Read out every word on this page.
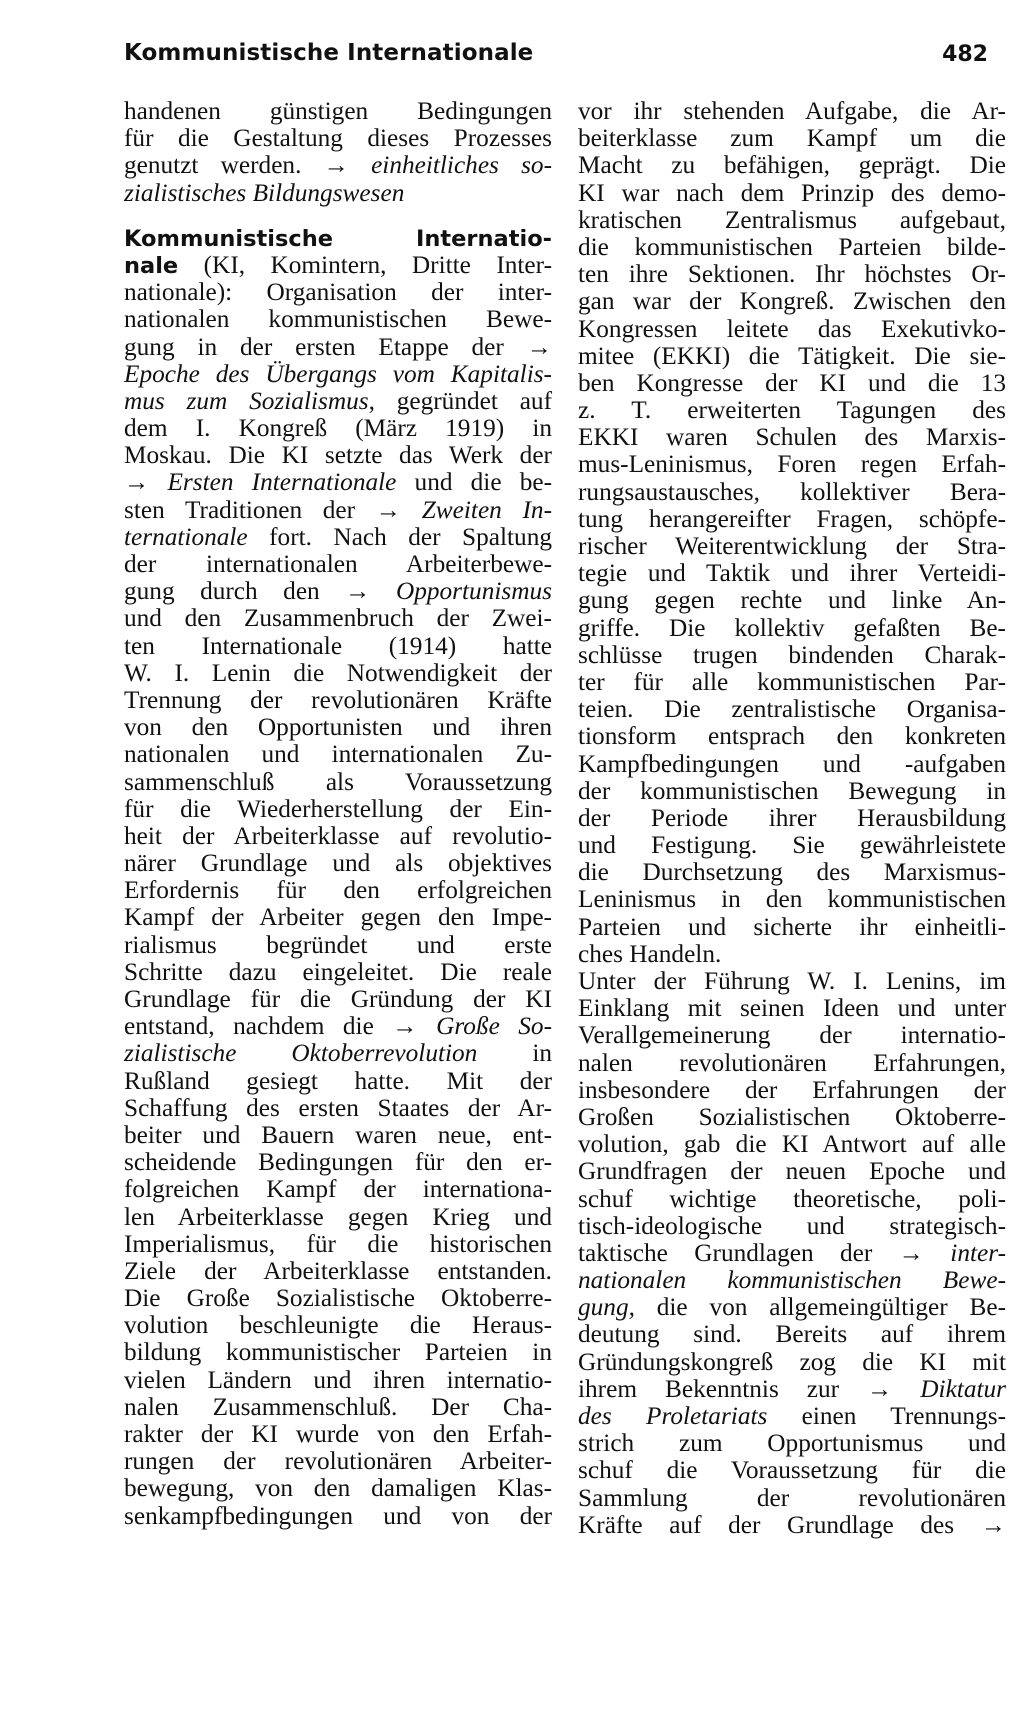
Kommunistische Internationale	482
handenen günstigen Bedingungen
für die Gestaltung dieses Prozesses
genutzt werden. → einheitliches so-
zialistisches Bildungswesen
Kommunistische Internatio-
nale (KI, Komintern, Dritte Inter-
nationale): Organisation der inter-
nationalen kommunistischen Bewe-
gung in der ersten Etappe der →
Epoche des Übergangs vom Kapitalis-
mus zum Sozialismus, gegründet auf
dem I. Kongreß (März 1919) in
Moskau. Die KI setzte das Werk der
→ Ersten Internationale und die be-
sten Traditionen der → Zweiten In-
ternationale fort. Nach der Spaltung
der internationalen Arbeiterbewe-
gung durch den → Opportunismus
und den Zusammenbruch der Zwei-
ten Internationale (1914) hatte
W. I. Lenin die Notwendigkeit der
Trennung der revolutionären Kräfte
von den Opportunisten und ihren
nationalen und internationalen Zu-
sammenschluß als Voraussetzung
für die Wiederherstellung der Ein-
heit der Arbeiterklasse auf revolutio-
närer Grundlage und als objektives
Erfordernis für den erfolgreichen
Kampf der Arbeiter gegen den Impe-
rialismus begründet und erste
Schritte dazu eingeleitet. Die reale
Grundlage für die Gründung der KI
entstand, nachdem die → Große So-
zialistische Oktoberrevolution in
Rußland gesiegt hatte. Mit der
Schaffung des ersten Staates der Ar-
beiter und Bauern waren neue, ent-
scheidende Bedingungen für den er-
folgreichen Kampf der internationa-
len Arbeiterklasse gegen Krieg und
Imperialismus, für die historischen
Ziele der Arbeiterklasse entstanden.
Die Große Sozialistische Oktoberre-
volution beschleunigte die Heraus-
bildung kommunistischer Parteien in
vielen Ländern und ihren internatio-
nalen Zusammenschluß. Der Cha-
rakter der KI wurde von den Erfah-
rungen der revolutionären Arbeiter-
bewegung, von den damaligen Klas-
senkampfbedingungen und von der
vor ihr stehenden Aufgabe, die Ar-
beiterklasse zum Kampf um die
Macht zu befähigen, geprägt. Die
KI war nach dem Prinzip des demo-
kratischen Zentralismus aufgebaut,
die kommunistischen Parteien bilde-
ten ihre Sektionen. Ihr höchstes Or-
gan war der Kongreß. Zwischen den
Kongressen leitete das Exekutivko-
mitee (EKKI) die Tätigkeit. Die sie-
ben Kongresse der KI und die 13
z. T. erweiterten Tagungen des
EKKI waren Schulen des Marxis-
mus-Leninismus, Foren regen Erfah-
rungsaustausches, kollektiver Bera-
tung herangereifter Fragen, schöpfe-
rischer Weiterentwicklung der Stra-
tegie und Taktik und ihrer Verteidi-
gung gegen rechte und linke An-
griffe. Die kollektiv gefaßten Be-
schlüsse trugen bindenden Charak-
ter für alle kommunistischen Par-
teien. Die zentralistische Organisa-
tionsform entsprach den konkreten
Kampfbedingungen und -aufgaben
der kommunistischen Bewegung in
der Periode ihrer Herausbildung
und Festigung. Sie gewährleistete
die Durchsetzung des Marxismus-
Leninismus in den kommunistischen
Parteien und sicherte ihr einheitli-
ches Handeln.
Unter der Führung W. I. Lenins, im
Einklang mit seinen Ideen und unter
Verallgemeinerung der internatio-
nalen revolutionären Erfahrungen,
insbesondere der Erfahrungen der
Großen Sozialistischen Oktoberre-
volution, gab die KI Antwort auf alle
Grundfragen der neuen Epoche und
schuf wichtige theoretische, poli-
tisch-ideologische und strategisch-
taktische Grundlagen der → inter-
nationalen kommunistischen Bewe-
gung, die von allgemeingültiger Be-
deutung sind. Bereits auf ihrem
Gründungskongreß zog die KI mit
ihrem Bekenntnis zur → Diktatur
des Proletariats einen Trennungs-
strich zum Opportunismus und
schuf die Voraussetzung für die
Sammlung der revolutionären
Kräfte auf der Grundlage des →
